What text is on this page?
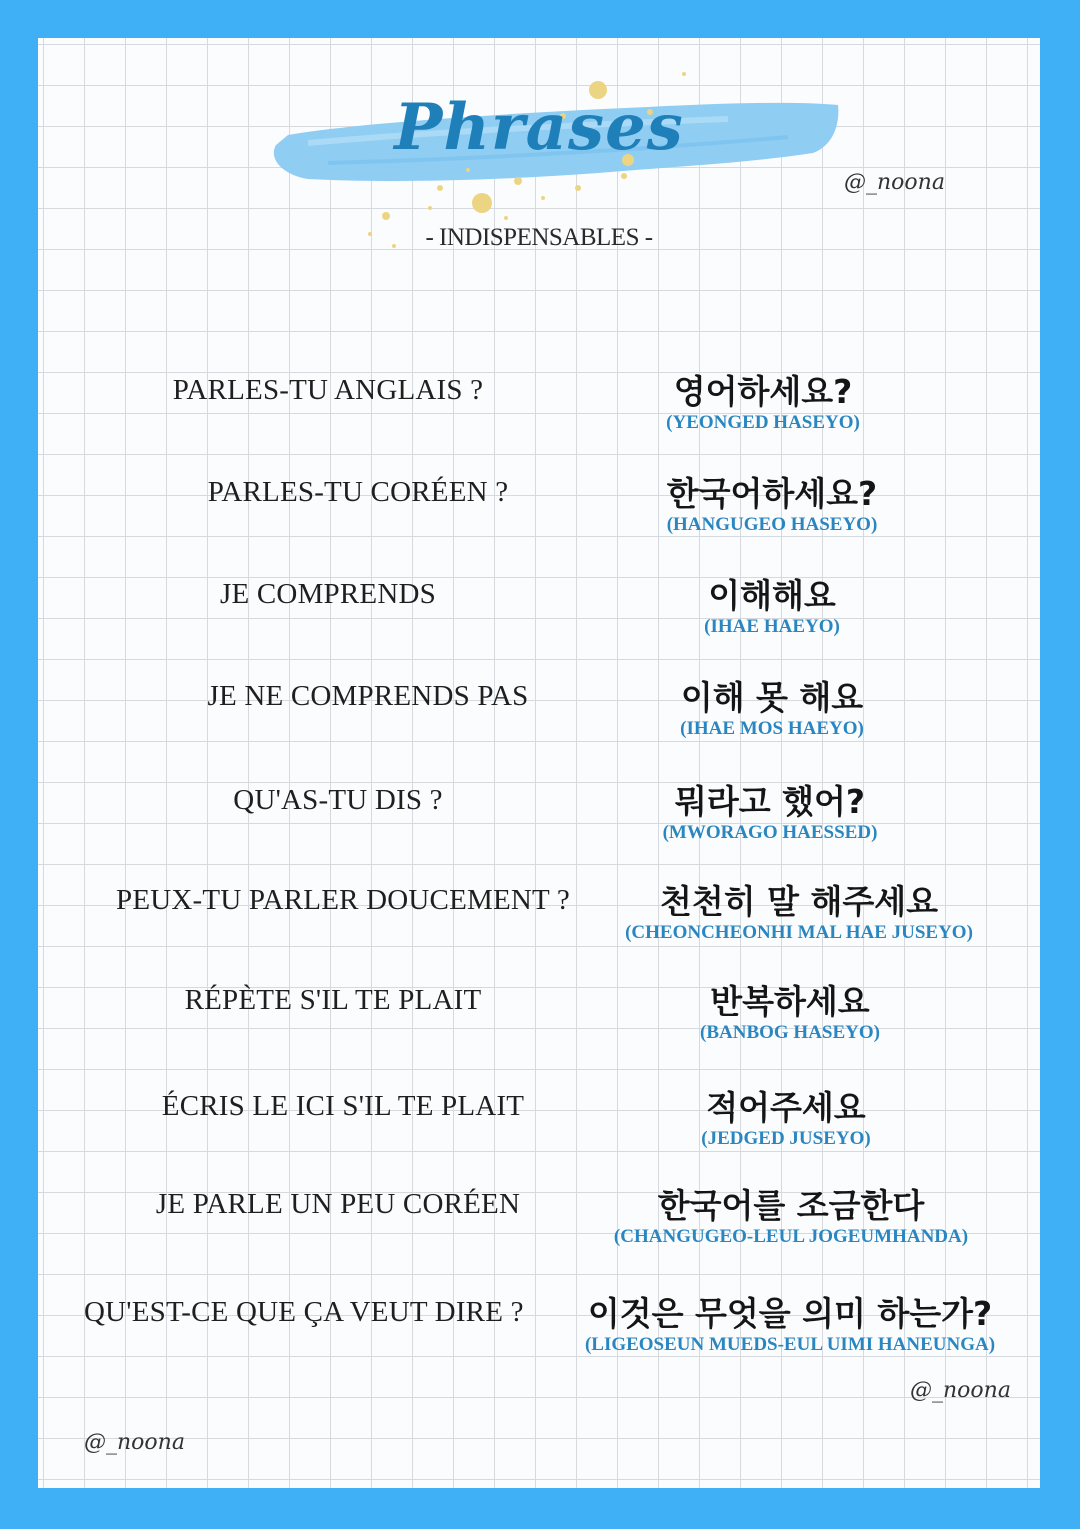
Phrases

- INDISPENSABLES -

@_noona
PARLES-TU ANGLAIS ?	영어하세요?
(YEONGED HASEYO)
PARLES-TU CORÉEN ?	한국어하세요?
(HANGUGEO HASEYO)
JE COMPRENDS	이해해요
(IHAE HAEYO)
JE NE COMPRENDS PAS	이해 못 해요
(IHAE MOS HAEYO)
QU'AS-TU DIS ?	뭐라고 했어?
(MWORAGO HAESSED)
PEUX-TU PARLER DOUCEMENT ?	천천히 말 해주세요
(CHEONCHEONHI MAL HAE JUSEYO)
RÉPÈTE S'IL TE PLAIT	반복하세요
(BANBOG HASEYO)
ÉCRIS LE ICI S'IL TE PLAIT	적어주세요
(JEDGED JUSEYO)
JE PARLE UN PEU CORÉEN	한국어를 조금한다
(CHANGUGEO-LEUL JOGEUMHANDA)
QU'EST-CE QUE ÇA VEUT DIRE ?	이것은 무엇을 의미 하는가?
(LIGEOSEUN MUEDS-EUL UIMI HANEUNGA)
@_noona
@_noona
